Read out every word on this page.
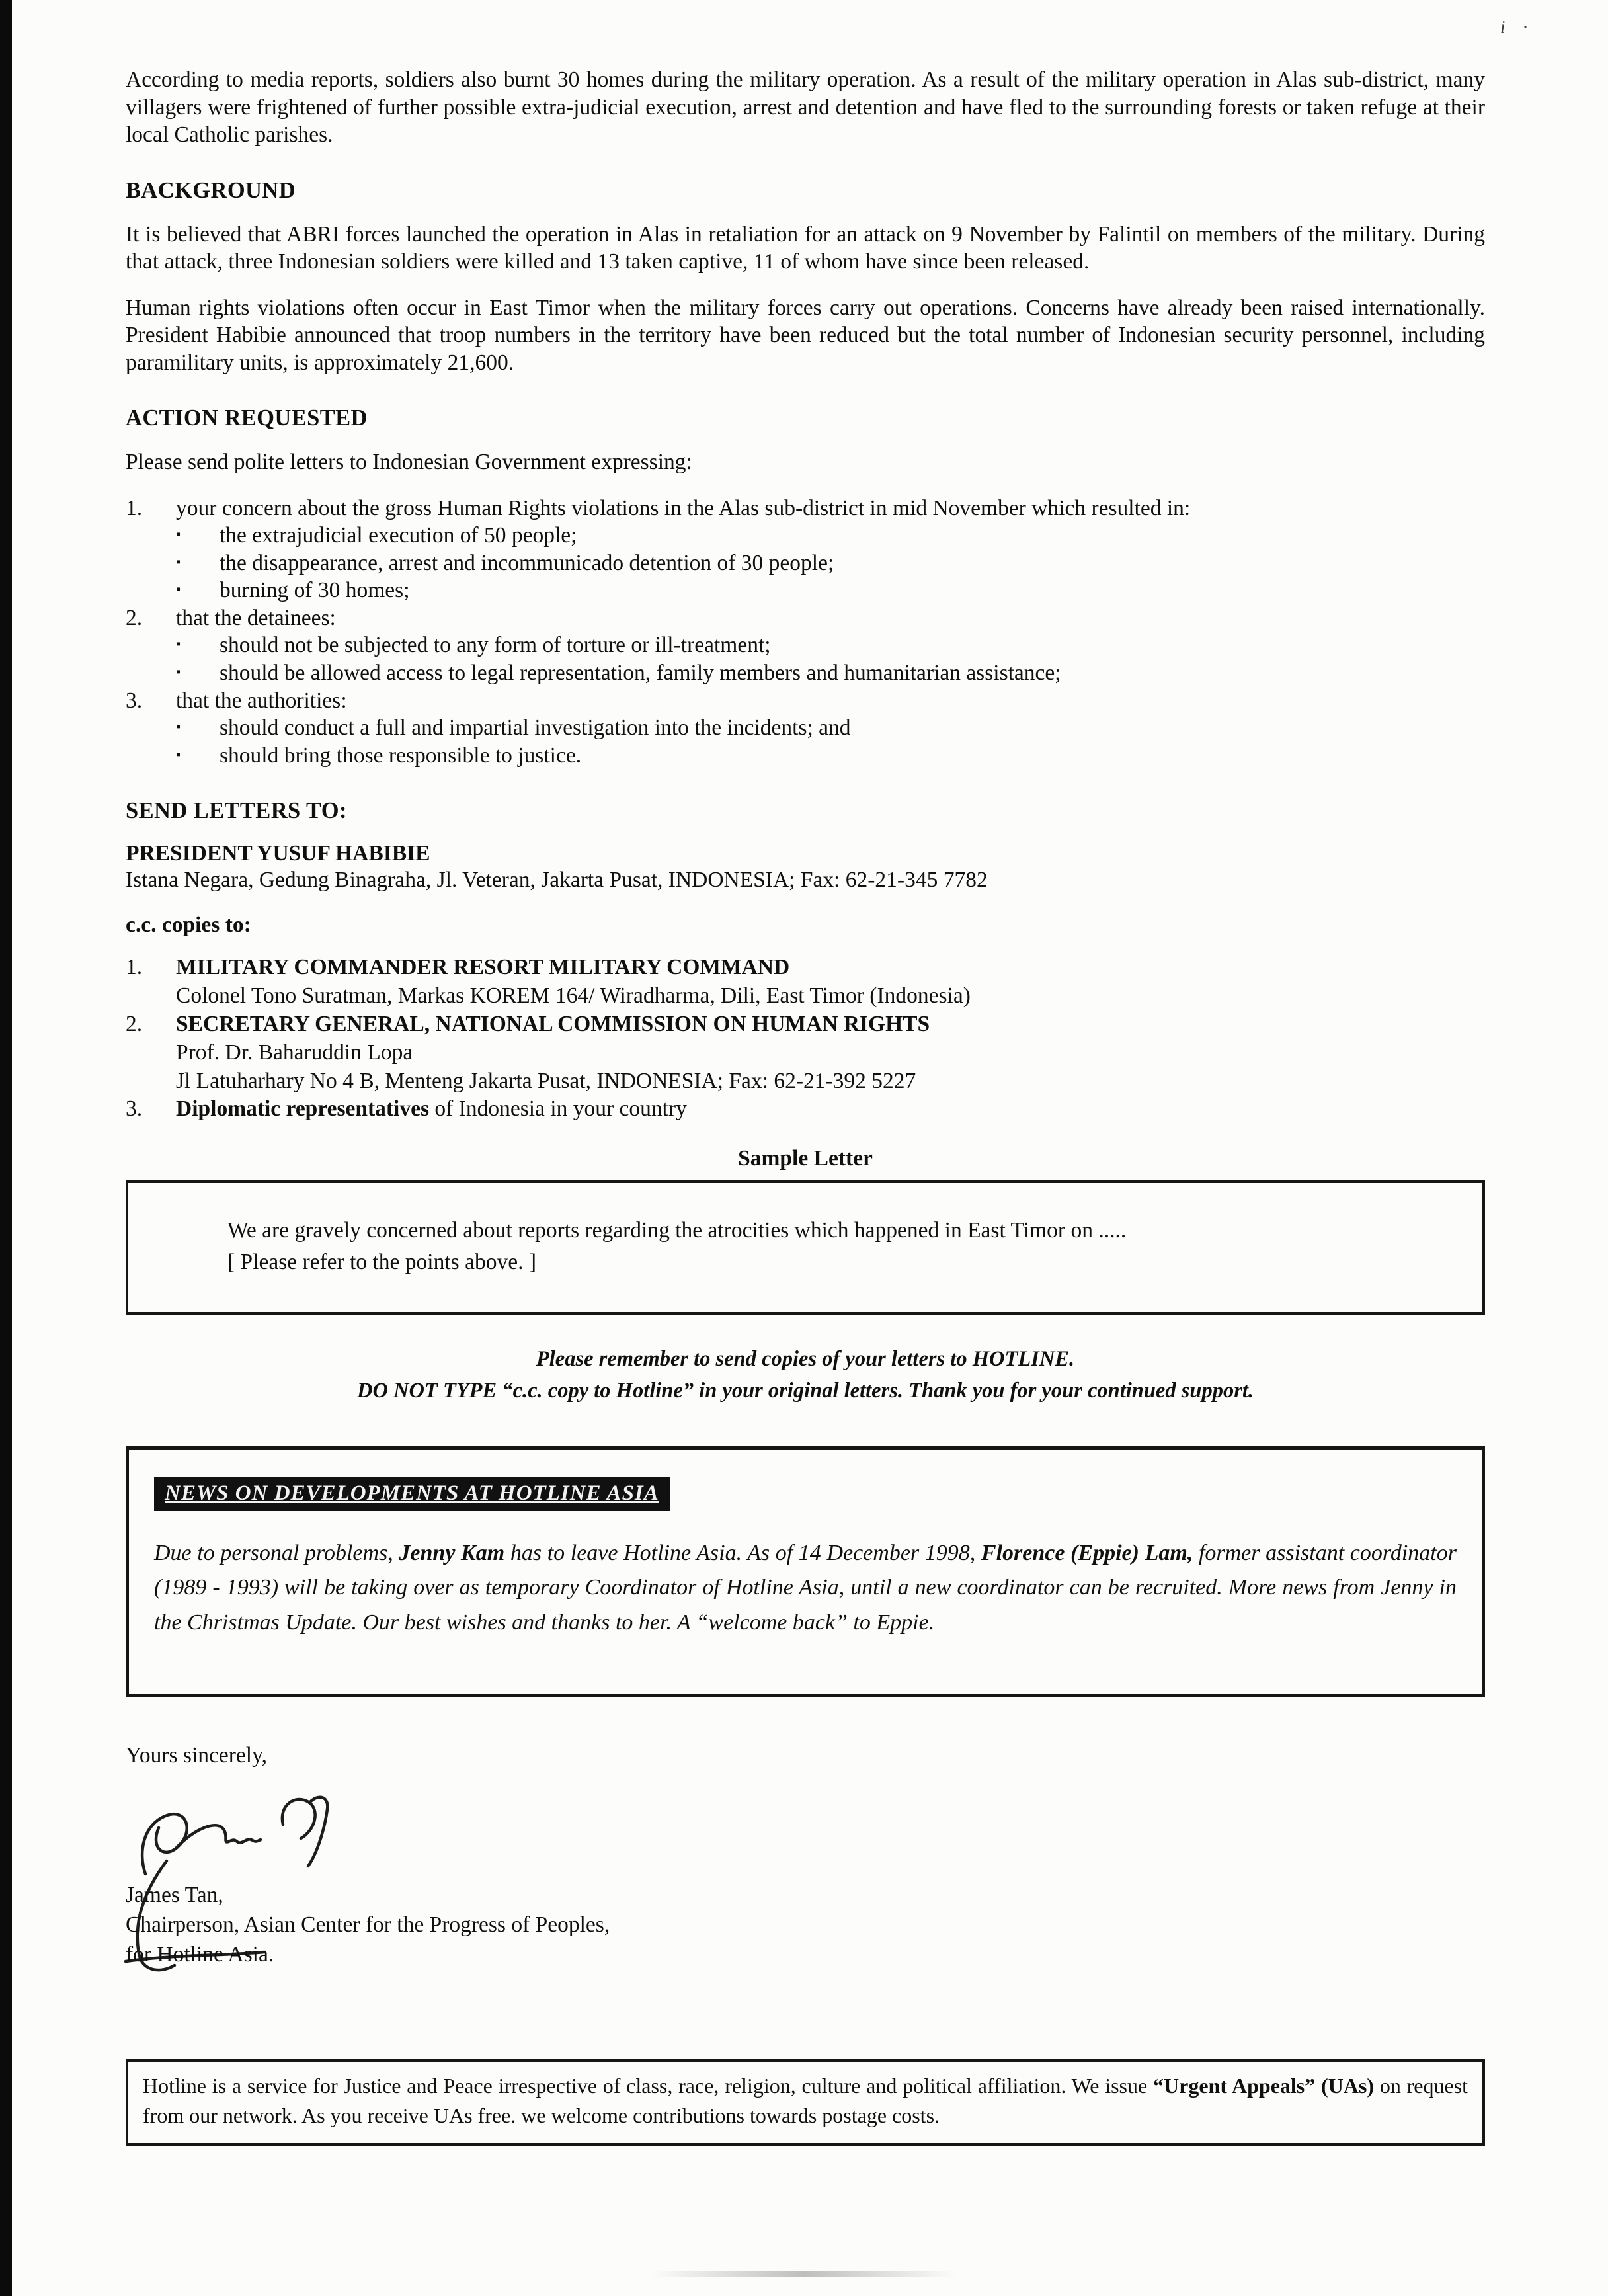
i ·

According to media reports, soldiers also burnt 30 homes during the military operation. As a result of the military operation in Alas sub-district, many villagers were frightened of further possible extra-judicial execution, arrest and detention and have fled to the surrounding forests or taken refuge at their local Catholic parishes.

BACKGROUND

It is believed that ABRI forces launched the operation in Alas in retaliation for an attack on 9 November by Falintil on members of the military. During that attack, three Indonesian soldiers were killed and 13 taken captive, 11 of whom have since been released.

Human rights violations often occur in East Timor when the military forces carry out operations. Concerns have already been raised internationally. President Habibie announced that troop numbers in the territory have been reduced but the total number of Indonesian security personnel, including paramilitary units, is approximately 21,600.

ACTION REQUESTED

Please send polite letters to Indonesian Government expressing:

1.	your concern about the gross Human Rights violations in the Alas sub-district in mid November which resulted in:
▪	the extrajudicial execution of 50 people;
▪	the disappearance, arrest and incommunicado detention of 30 people;
▪	burning of 30 homes;
2.	that the detainees:
▪	should not be subjected to any form of torture or ill-treatment;
▪	should be allowed access to legal representation, family members and humanitarian assistance;
3.	that the authorities:
▪	should conduct a full and impartial investigation into the incidents; and
▪	should bring those responsible to justice.
SEND LETTERS TO:

PRESIDENT YUSUF HABIBIE

Istana Negara, Gedung Binagraha, Jl. Veteran, Jakarta Pusat, INDONESIA; Fax: 62-21-345 7782

c.c. copies to:
1.	MILITARY COMMANDER RESORT MILITARY COMMAND
Colonel Tono Suratman, Markas KOREM 164/ Wiradharma, Dili, East Timor (Indonesia)
2.	SECRETARY GENERAL, NATIONAL COMMISSION ON HUMAN RIGHTS
Prof. Dr. Baharuddin Lopa
Jl Latuharhary No 4 B, Menteng Jakarta Pusat, INDONESIA; Fax: 62-21-392 5227
3.	Diplomatic representatives of Indonesia in your country
Sample Letter
We are gravely concerned about reports regarding the atrocities which happened in East Timor on .....
[ Please refer to the points above. ]
Please remember to send copies of your letters to HOTLINE.
DO NOT TYPE “c.c. copy to Hotline” in your original letters. Thank you for your continued support.
NEWS ON DEVELOPMENTS AT HOTLINE ASIA

Due to personal problems, Jenny Kam has to leave Hotline Asia. As of 14 December 1998, Florence (Eppie) Lam, former assistant coordinator (1989 - 1993) will be taking over as temporary Coordinator of Hotline Asia, until a new coordinator can be recruited. More news from Jenny in the Christmas Update. Our best wishes and thanks to her. A “welcome back” to Eppie.

Yours sincerely,

James Tan,
Chairperson, Asian Center for the Progress of Peoples,
for Hotline Asia.
Hotline is a service for Justice and Peace irrespective of class, race, religion, culture and political affiliation. We issue “Urgent Appeals” (UAs) on request from our network. As you receive UAs free. we welcome contributions towards postage costs.
